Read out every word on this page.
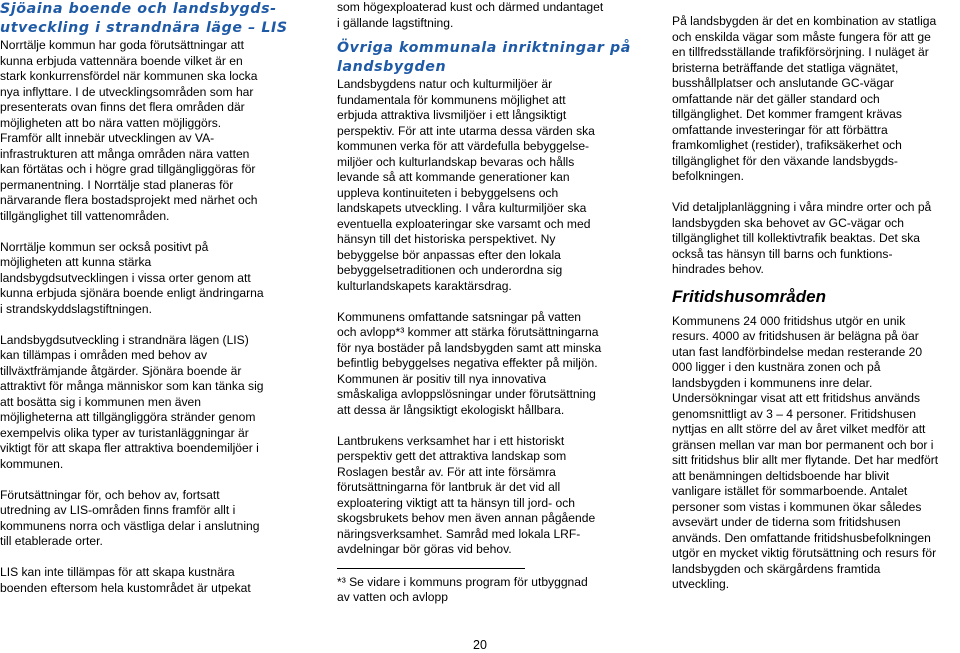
Sjöaina boende och landsbygds-

utveckling i strandnära läge – LIS

Norrtälje kommun har goda förutsättningar att

kunna erbjuda vattennära boende vilket är en

stark konkurrensfördel när kommunen ska locka

nya inflyttare. I de utvecklingsområden som har

presenterats ovan finns det flera områden där

möjligheten att bo nära vatten möjliggörs.

Framför allt innebär utvecklingen av VA-

infrastrukturen att många områden nära vatten

kan förtätas och i högre grad tillgängliggöras för

permanentning. I Norrtälje stad planeras för

närvarande flera bostadsprojekt med närhet och

tillgänglighet till vattenområden.

Norrtälje kommun ser också positivt på

möjligheten att kunna stärka

landsbygdsutvecklingen i vissa orter genom att

kunna erbjuda sjönära boende enligt ändringarna

i strandskyddslagstiftningen.

Landsbygdsutveckling i strandnära lägen (LIS)

kan tillämpas i områden med behov av

tillväxtfrämjande åtgärder. Sjönära boende är

attraktivt för många människor som kan tänka sig

att bosätta sig i kommunen men även

möjligheterna att tillgängliggöra stränder genom

exempelvis olika typer av turistanläggningar är

viktigt för att skapa fler attraktiva boendemiljöer i

kommunen.

Förutsättningar för, och behov av, fortsatt

utredning av LIS-områden finns framför allt i

kommunens norra och västliga delar i anslutning

till etablerade orter.

LIS kan inte tillämpas för att skapa kustnära

boenden eftersom hela kustområdet är utpekat

som högexploaterad kust och därmed undantaget

i gällande lagstiftning.

Övriga kommunala inriktningar på

landsbygden

Landsbygdens natur och kulturmiljöer är

fundamentala för kommunens möjlighet att

erbjuda attraktiva livsmiljöer i ett långsiktigt

perspektiv. För att inte utarma dessa värden ska

kommunen verka för att värdefulla bebyggelse-

miljöer och kulturlandskap bevaras och hålls

levande så att kommande generationer kan

uppleva kontinuiteten i bebyggelsens och

landskapets utveckling. I våra kulturmiljöer ska

eventuella exploateringar ske varsamt och med

hänsyn till det historiska perspektivet. Ny

bebyggelse bör anpassas efter den lokala

bebyggelsetraditionen och underordna sig

kulturlandskapets karaktärsdrag.

Kommunens omfattande satsningar på vatten

och avlopp*³ kommer att stärka förutsättningarna

för nya bostäder på landsbygden samt att minska

befintlig bebyggelses negativa effekter på miljön.

Kommunen är positiv till nya innovativa

småskaliga avloppslösningar under förutsättning

att dessa är långsiktigt ekologiskt hållbara.

Lantbrukens verksamhet har i ett historiskt

perspektiv gett det attraktiva landskap som

Roslagen består av. För att inte försämra

förutsättningarna för lantbruk är det vid all

exploatering viktigt att ta hänsyn till jord- och

skogsbrukets behov men även annan pågående

näringsverksamhet. Samråd med lokala LRF-

avdelningar bör göras vid behov.

*³ Se vidare i kommuns program för utbyggnad

av vatten och avlopp

På landsbygden är det en kombination av statliga

och enskilda vägar som måste fungera för att ge

en tillfredsställande trafikförsörjning. I nuläget är

bristerna beträffande det statliga vägnätet,

busshållplatser och anslutande GC-vägar

omfattande när det gäller standard och

tillgänglighet. Det kommer framgent krävas

omfattande investeringar för att förbättra

framkomlighet (restider), trafiksäkerhet och

tillgänglighet för den växande landsbygds-

befolkningen.

Vid detaljplanläggning i våra mindre orter och på

landsbygden ska behovet av GC-vägar och

tillgänglighet till kollektivtrafik beaktas. Det ska

också tas hänsyn till barns och funktions-

hindrades behov.

Fritidshusområden

Kommunens 24 000 fritidshus utgör en unik

resurs. 4000 av fritidshusen är belägna på öar

utan fast landförbindelse medan resterande 20

000 ligger i den kustnära zonen och på

landsbygden i kommunens inre delar.

Undersökningar visat att ett fritidshus används

genomsnittligt av 3 – 4 personer. Fritidshusen

nyttjas en allt större del av året vilket medför att

gränsen mellan var man bor permanent och bor i

sitt fritidshus blir allt mer flytande. Det har medfört

att benämningen deltidsboende har blivit

vanligare istället för sommarboende. Antalet

personer som vistas i kommunen ökar således

avsevärt under de tiderna som fritidshusen

används. Den omfattande fritidshusbefolkningen

utgör en mycket viktig förutsättning och resurs för

landsbygden och skärgårdens framtida

utveckling.

20
